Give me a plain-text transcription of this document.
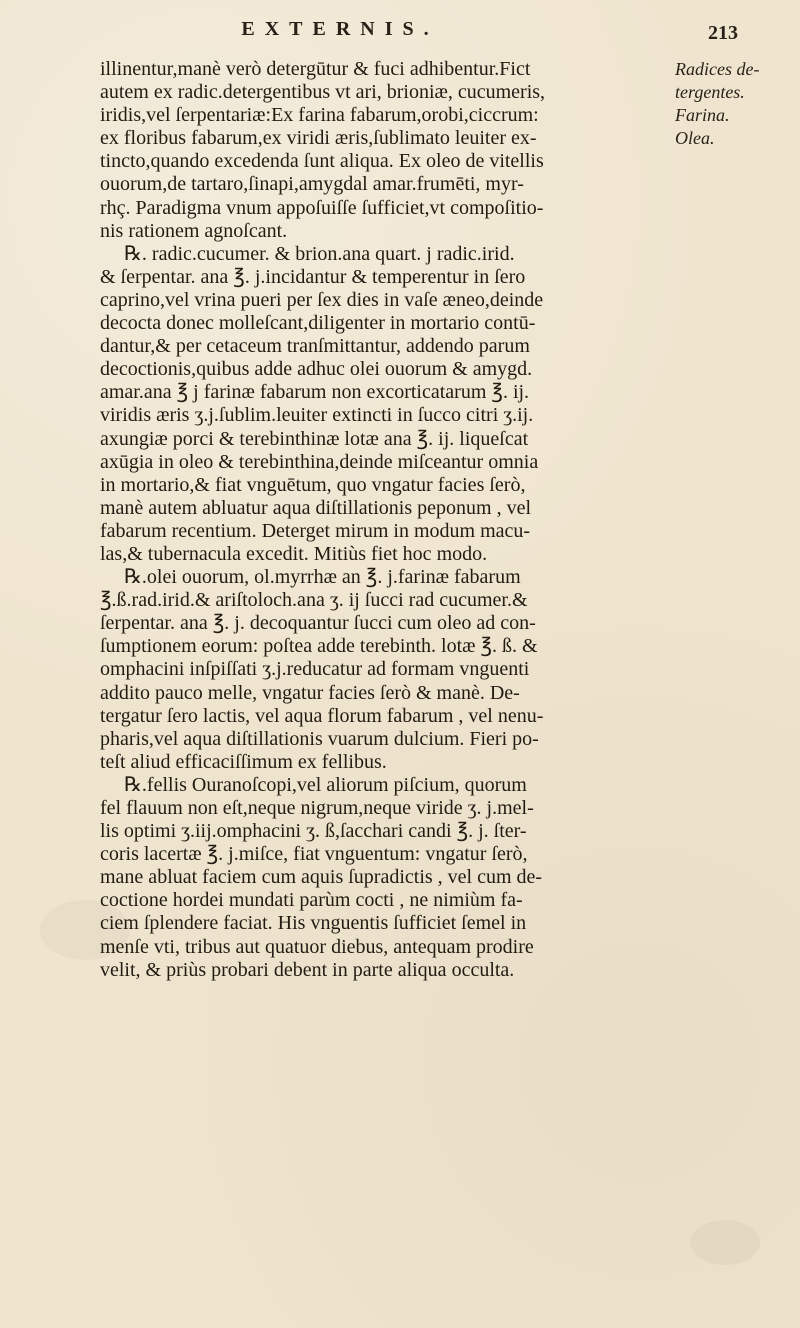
EXTERNIS.	213
illinentur,manè verò detergūtur & fuci adhibentur.Fict
autem ex radic.detergentibus vt ari, brioniæ, cucumeris,
iridis,vel ſerpentariæ:Ex farina fabarum,orobi,ciccrum:
ex floribus fabarum,ex viridi æris,ſublimato leuiter ex-
tincto,quando excedenda ſunt aliqua. Ex oleo de vitellis
ouorum,de tartaro,ſinapi,amygdal amar.frumēti, myr-
rhç. Paradigma vnum appoſuiſſe ſufficiet,vt compoſitio-
nis rationem agnoſcant.
℞. radic.cucumer. & brion.ana quart. j radic.irid.
& ſerpentar. ana ℥. j.incidantur & temperentur in ſero
caprino,vel vrina pueri per ſex dies in vaſe æneo,deinde
decocta donec molleſcant,diligenter in mortario contū-
dantur,& per cetaceum tranſmittantur, addendo parum
decoctionis,quibus adde adhuc olei ouorum & amygd.
amar.ana ℥ j farinæ fabarum non excorticatarum ℥. ij.
viridis æris ʒ.j.ſublim.leuiter extincti in ſucco citri ʒ.ij.
axungiæ porci & terebinthinæ lotæ ana ℥. ij. liqueſcat
axūgia in oleo & terebinthina,deinde miſceantur omnia
in mortario,& fiat vnguētum, quo vngatur facies ſerò,
manè autem abluatur aqua diſtillationis peponum , vel
fabarum recentium. Deterget mirum in modum macu-
las,& tubernacula excedit. Mitiùs fiet hoc modo.
℞.olei ouorum, ol.myrrhæ an ℥. j.farinæ fabarum
℥.ß.rad.irid.& ariſtoloch.ana ʒ. ij ſucci rad cucumer.&
ſerpentar. ana ℥. j. decoquantur ſucci cum oleo ad con-
ſumptionem eorum: poſtea adde terebinth. lotæ ℥. ß. &
omphacini inſpiſſati ʒ.j.reducatur ad formam vnguenti
addito pauco melle, vngatur facies ſerò & manè. De-
tergatur ſero lactis, vel aqua florum fabarum , vel nenu-
pharis,vel aqua diſtillationis vuarum dulcium. Fieri po-
teſt aliud efficaciſſimum ex fellibus.
℞.fellis Ouranoſcopi,vel aliorum piſcium, quorum
fel flauum non eſt,neque nigrum,neque viride ʒ. j.mel-
lis optimi ʒ.iij.omphacini ʒ. ß,ſacchari candi ℥. j. ſter-
coris lacertæ ℥. j.miſce, fiat vnguentum: vngatur ſerò,
mane abluat faciem cum aquis ſupradictis , vel cum de-
coctione hordei mundati parùm cocti , ne nimiùm fa-
ciem ſplendere faciat. His vnguentis ſufficiet ſemel in
menſe vti, tribus aut quatuor diebus, antequam prodire
velit, & priùs probari debent in parte aliqua occulta.
Radices de-
tergentes.
Farina.
Olea.
